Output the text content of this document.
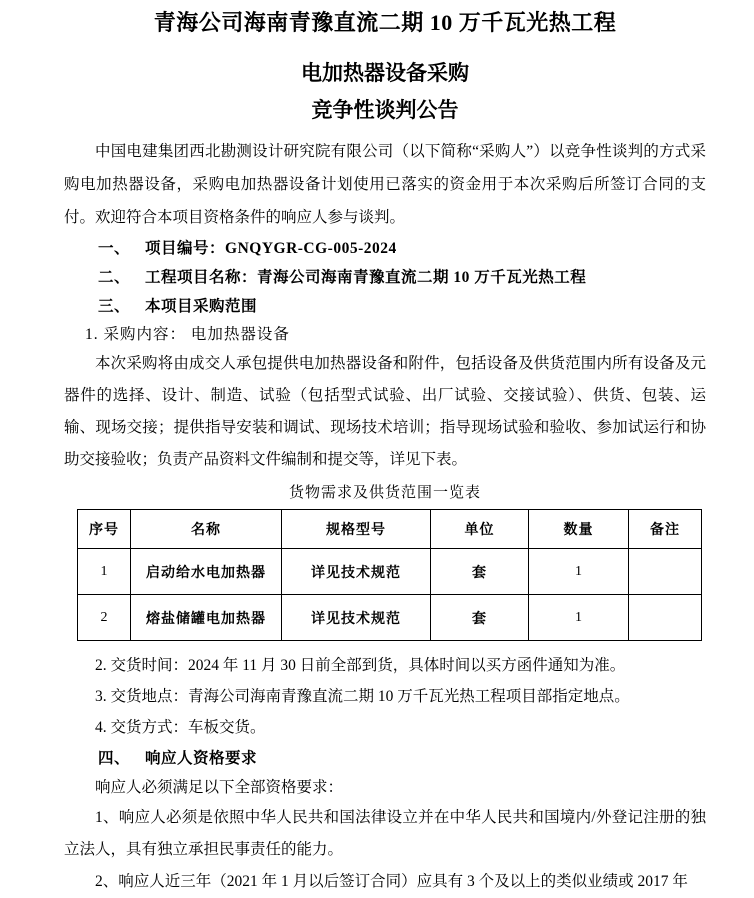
青海公司海南青豫直流二期 10 万千瓦光热工程
电加热器设备采购
竞争性谈判公告

中国电建集团西北勘测设计研究院有限公司（以下简称“采购人”）以竞争性谈判的方式采购电加热器设备，采购电加热器设备计划使用已落实的资金用于本次采购后所签订合同的支付。欢迎符合本项目资格条件的响应人参与谈判。

一、 项目编号：GNQYGR-CG-005-2024
二、 工程项目名称：青海公司海南青豫直流二期 10 万千瓦光热工程
三、 本项目采购范围
1. 采购内容： 电加热器设备

本次采购将由成交人承包提供电加热器设备和附件，包括设备及供货范围内所有设备及元器件的选择、设计、制造、试验（包括型式试验、出厂试验、交接试验）、供货、包装、运输、现场交接；提供指导安装和调试、现场技术培训；指导现场试验和验收、参加试运行和协助交接验收；负责产品资料文件编制和提交等，详见下表。

货物需求及供货范围一览表
序号	名称	规格型号	单位	数量	备注
1	启动给水电加热器	详见技术规范	套	1	
2	熔盐储罐电加热器	详见技术规范	套	1	
2. 交货时间：2024 年 11 月 30 日前全部到货，具体时间以买方函件通知为准。
3. 交货地点：青海公司海南青豫直流二期 10 万千瓦光热工程项目部指定地点。
4. 交货方式：车板交货。
四、 响应人资格要求
响应人必须满足以下全部资格要求：

1、响应人必须是依照中华人民共和国法律设立并在中华人民共和国境内/外登记注册的独立法人，具有独立承担民事责任的能力。

2、响应人近三年（2021 年 1 月以后签订合同）应具有 3 个及以上的类似业绩或 2017 年
